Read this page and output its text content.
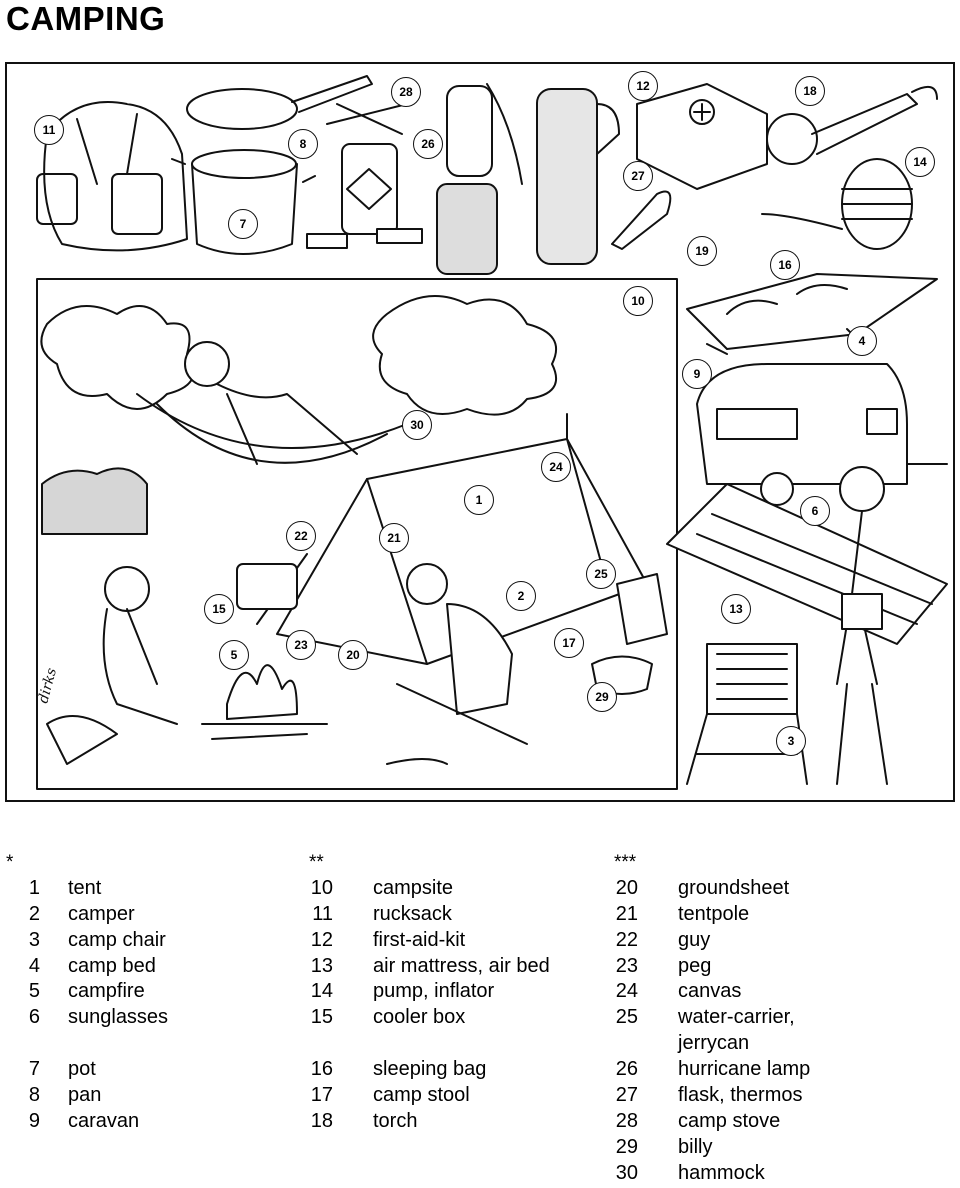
CAMPING
dirks
1
2
3
4
5
6
7
8
9
10
11
12
13
14
15
16
17
18
19
20
21
22
23
24
25
26
27
28
29
30
*
1	tent
2	camper
3	camp chair
4	camp bed
5	campfire
6	sunglasses
7	pot
8	pan
9	caravan
**
10	campsite
11	rucksack
12	first-aid-kit
13	air mattress, air bed
14	pump, inflator
15	cooler box
16	sleeping bag
17	camp stool
18	torch
***
20	groundsheet
21	tentpole
22	guy
23	peg
24	canvas
25	water-carrier,
jerrycan
26	hurricane lamp
27	flask, thermos
28	camp stove
29	billy
30	hammock
